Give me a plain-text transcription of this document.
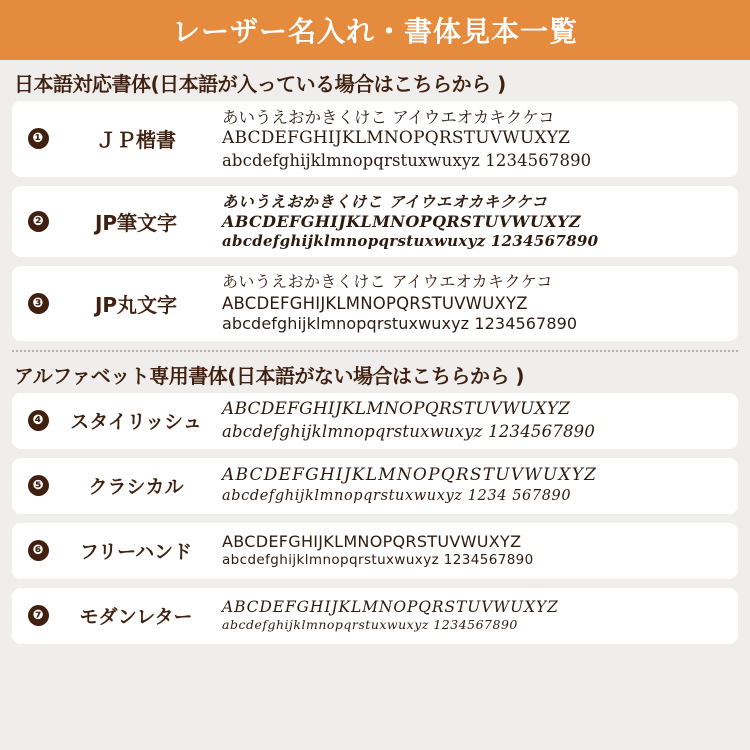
レーザー名入れ・書体見本一覧
日本語対応書体(日本語が入っている場合はこちらから )
❶	ＪＰ楷書
あいうえおかきくけこ アイウエオカキクケコ
ABCDEFGHIJKLMNOPQRSTUVWUXYZ
abcdefghijklmnopqrstuxwuxyz 1234567890
❷	JP筆文字
あいうえおかきくけこ アイウエオカキクケコ
ABCDEFGHIJKLMNOPQRSTUVWUXYZ
abcdefghijklmnopqrstuxwuxyz 1234567890
❸	JP丸文字
あいうえおかきくけこ アイウエオカキクケコ
ABCDEFGHIJKLMNOPQRSTUVWUXYZ
abcdefghijklmnopqrstuxwuxyz 1234567890
アルファベット専用書体(日本語がない場合はこちらから )
❹	スタイリッシュ
ABCDEFGHIJKLMNOPQRSTUVWUXYZ
abcdefghijklmnopqrstuxwuxyz 1234567890
❺	クラシカル
ABCDEFGHIJKLMNOPQRSTUVWUXYZ
abcdefghijklmnopqrstuxwuxyz 1234 567890
❻	フリーハンド	ABCDEFGHIJKLMNOPQRSTUVWUXYZ
abcdefghijklmnopqrstuxwuxyz 1234567890
❼	モダンレター	ABCDEFGHIJKLMNOPQRSTUVWUXYZ
abcdefghijklmnopqrstuxwuxyz 1234567890
